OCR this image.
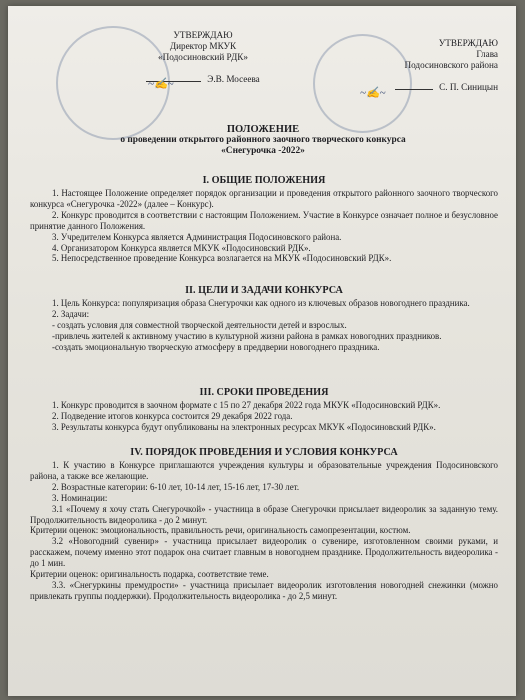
УТВЕРЖДАЮ
Директор МКУК
«Подосиновский РДК»
Э.В. Мосеева
~✍~
УТВЕРЖДАЮ
Глава
Подосиновского района
С. П. Синицын
~✍~
ПОЛОЖЕНИЕ
о проведении открытого районного заочного творческого конкурса
«Снегурочка -2022»
I. ОБЩИЕ ПОЛОЖЕНИЯ

1. Настоящее Положение определяет порядок организации и проведения открытого районного заочного творческого конкурса «Снегурочка -2022» (далее – Конкурс).

2. Конкурс проводится в соответствии с настоящим Положением. Участие в Конкурсе означает полное и безусловное принятие данного Положения.

3. Учредителем Конкурса является Администрация Подосиновского района.

4. Организатором Конкурса является МКУК «Подосиновский РДК».

5. Непосредственное проведение Конкурса возлагается на МКУК «Подосиновский РДК».

II. ЦЕЛИ И ЗАДАЧИ КОНКУРСА

1. Цель Конкурса: популяризация образа Снегурочки как одного из ключевых образов новогоднего праздника.

2. Задачи:

- создать условия для совместной творческой деятельности детей и взрослых.

-привлечь жителей к активному участию в культурной жизни района в рамках новогодних праздников.

-создать эмоциональную творческую атмосферу в преддверии новогоднего праздника.

III. СРОКИ ПРОВЕДЕНИЯ

1. Конкурс проводится в заочном формате с 15 по 27 декабря 2022 года МКУК «Подосиновский РДК».

2. Подведение итогов конкурса состоится 29 декабря 2022 года.

3. Результаты конкурса будут опубликованы на электронных ресурсах МКУК «Подосиновский РДК».

IV. ПОРЯДОК ПРОВЕДЕНИЯ И УСЛОВИЯ КОНКУРСА

1. К участию в Конкурсе приглашаются учреждения культуры и образовательные учреждения Подосиновского района, а также все желающие.

2. Возрастные категории: 6-10 лет, 10-14 лет, 15-16 лет, 17-30 лет.

3. Номинации:

3.1 «Почему я хочу стать Снегурочкой» - участница в образе Снегурочки присылает видеоролик за заданную тему. Продолжительность видеоролика - до 2 минут.

Критерии оценок: эмоциональность, правильность речи, оригинальность самопрезентации, костюм.

3.2 «Новогодний сувенир» - участница присылает видеоролик о сувенире, изготовленном своими руками, и расскажем, почему именно этот подарок она считает главным в новогоднем празднике. Продолжительность видеоролика - до 1 мин.

Критерии оценок: оригинальность подарка, соответствие теме.

3.3. «Снегуркины премудрости» - участница присылает видеоролик изготовления новогодней снежинки (можно привлекать группы поддержки). Продолжительность видеоролика - до 2,5 минут.
